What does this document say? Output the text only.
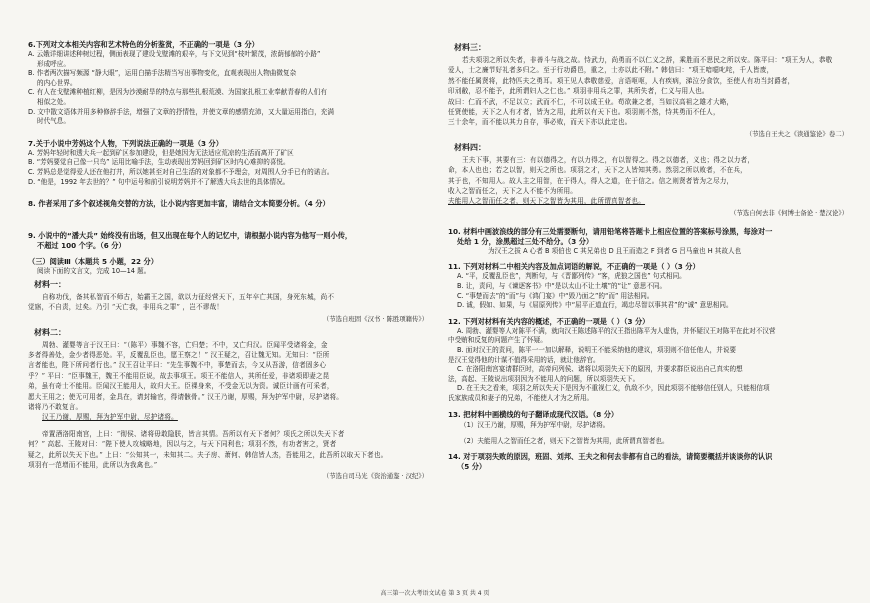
6.下列对文本相关内容和艺术特色的分析鉴赏，不正确的一项是（3 分）

A. 云娥详细讲述种树过程，侧面表现了建设戈壁滩的艰辛，与下文见到“枝叶繁茂，浓荫郁郁的小路”

形成呼应。

B. 作者两次描写频源 “静大眼”，运用白描手法精当写出事物变化，直观表现出人物曲微复杂

的内心世界。

C. 有人在戈壁滩种植红柳，是因为沙漠耐旱的特点与那些扎根荒漠、为国家扎根工业奉献青春的人们有

相似之处。

D. 文中散文语体并用多种修辞手法，增强了文章的抒情性，并使文章的感情充沛，又大量运用指白，充满

时代气息。

7.关于小说中芳妈这个人物，下列说法正确的一项是（3 分）

A. 芳妈年轻时和透大兵一起到矿区参加建设，但是她因为无法适应荒凉的生活而离开了矿区

B. “芳妈要觉自己像一只鸟” 运用比喻手法，生动表现出芳妈回到矿区时内心难抑的喜悦。

C. 芳妈总是觉得爱人还在他打井，所以她甚至对自己生活的对象都不予理会，对周围人分手已有的诺言。

D. “他是，1992 年去世的？” 句中运号和前引说明芳妈并不了解透大兵去世的具体情况。

8. 作者采用了多个叙述视角交替的方法，让小说内容更加丰富，请结合文本简要分析。（4 分）

9. 小说中的“潘大兵” 始终没有出场，但又出现在每个人的记忆中，请根据小说内容为他写一则小传，

不超过 100 个字。（6 分）

（三）阅读Ⅲ（本题共 5 小题，22 分）

阅读下面的文言文，完成 10—14 题。

材料一：

自称功伐，备其私智而不师古，始霸王之国，欲以力征经营天下，五年卒亡其国，身死东城，尚不

觉寤，不自责，过矣。乃引 “天亡我，非用兵之罪” ，岂不谬哉！

（节选自班固《汉书 · 陈胜项籍传》）

材料二：

周勃、灌婴等言于汉王曰：“（陈平）事魏不容，亡归楚；不中，又亡归汉。臣闻平受诸将金，金

多者得善处，金少者得恶处。平，反覆乱臣也，愿王察之！” 汉王疑之，召让魏无知。无知曰：“臣所

言者能也，陛下所问者行也。” 汉王召让平曰：“先生事魏不中，事楚而去，今又从吾游，信者固多心

乎？” 平曰：“臣事魏王，魏王不能用臣说，故去事项王。项王不能信人，其所任爱，非诸项即妻之昆

弟，虽有奇士不能用。臣闻汉王能用人，故归大王。臣裸身来，不受金无以为资。诚臣计画有可采者，

愿大王用之；使无可用者，金具在，请封输官，得请骸骨。” 汉王乃谢，厚赐，拜为护军中尉，尽护诸将。

诸将乃不敢复言。

汉王乃谢，厚赐，拜为护军中尉，尽护诸将。

帝置酒洛阳南宫，上曰：“彻侯、诸将毋敢隐朕，皆言其情。吾所以有天下者何？项氏之所以失天下者

何？” 高起、王陵对曰：“陛下使人攻城略地，因以与之，与天下同利也；项羽不然，有功者害之，贤者

疑之，此所以失天下也。” 上曰：“公知其一，未知其二。夫子房、萧何、韩信皆人杰，吾能用之，此吾所以取天下者也。

项羽有一范增而不能用，此所以为我禽也。”

（节选自司马光《资治通鉴 · 汉纪》）

材料三：

若夫项羽之所以失者，非善斗与战之故。恃武力，尚勇而不以仁义之辞，乘胜而不思民之所以安。陈平曰：“项王为人，恭敬

爱人，士之廉节好礼者多归之。至于行功爵邑，重之，士亦以此不附。” 韩信曰：“项王喑噁叱咤，千人皆废，

然不能任属贤将，此特匹夫之勇耳。项王见人恭敬慈爱，言语呕呕，人有疾病，涕泣分食饮，至使人有功当封爵者，

印刓敝，忍不能予，此所谓妇人之仁也。” 项羽非用兵之罪，其所失者，仁义与用人也。

故曰：仁而不武，不足以立；武而不仁，不可以成王业。苟欲兼之者，当如汉高祖之雄才大略，

任贤使能，天下之人有才者，皆为之用，此所以有天下也。项羽则不然，恃其勇而不任人，

三十余年，而不能以其力自存，事必败，而天下亦以此定也。

（节选自王夫之《读通鉴论》卷二）

材料四：

王夫下事，其要有三：有以德得之，有以力得之，有以智得之。得之以德者，义也；得之以力者，

命，本人也也；若之以智，则天之所也。项羽之才，天下之人皆知其勇。然羽之所以败者，不在兵，

其于也，不知用人。故人主之用智，在于得人，得人之道，在于信之。信之则贤者皆为之尽力，

收入之智而任之，天下之人不能不为所用。

夫能用人之智而任之者，则天下之智皆为其用，此所谓真智者也。

（节选自何去非《何博士备论 · 楚汉论》）

10. 材料中画波浪线的部分有三处需要断句，请用铅笔将答题卡上相应位置的答案标号涂黑，每涂对一

处给 1 分，涂黑超过三处不给分。（3 分）

为汉王之拔 A 心者 B 项伯也 C 其兄弟也 D 且王而造之 F 到者 G 吕马童也 H 其故人也

11. 下列对材料二中相关内容及加点词语的解说，不正确的一项是（ ）（3 分）

A. “平，反覆乱臣也”，判断句，与《晋鄙列传》“客，虎狼之国也” 句式相同。

B. 让，责问，与《谏逐客书》中“是以太山不让土壤”的“让” 意思不同。

C. “事楚而去”的“而”与《鸿门宴》中“毁乃面之”的“而” 用法相同。

D. 诚，假如、如果，与《屈原列传》中“屈平正道直行，竭忠尽智以事其君”的“诚” 意思相同。

12. 下列对材料有关内容的概述，不正确的一项是（ ）（3 分）

A. 周勃、灌婴等人对陈平不满，就向汉王陈述陈平的汉王指出陈平为人虚伪，并怀疑汉王对陈平在此对不汉营

中受贿和反复的问题产生了怀疑。

B. 面对汉王的责问，陈平一一加以解释，说明王不能采纳他的建议，项羽则不信任他人，并说要

是汉王觉得他的计谋不值得采用的话，就让他辞官。

C. 在洛阳南宫宴请群臣时，高帝问列侯、诸将以项羽失天下的原因，并要求群臣说出自己真实的想

法，高起、王陵说出项羽因为不能用人的问题，所以项羽失天下。

D. 在王夫之看来，项羽之所以失天下是因为不重视仁义，仇敌不少，因此项羽不能够信任别人，只能相信项

氏家族成员和妻子的兄弟，不能使人才为之所用。

13. 把材料中画横线的句子翻译成现代汉语。（8 分）

（1）汉王乃谢，厚赐，拜为护军中尉，尽护诸将。

（2）夫能用人之智而任之者，则天下之智皆为其用，此所谓真智者也。

14. 对于项羽失败的原因，班固、刘邦、王夫之和何去非都有自己的看法，请简要概括并谈谈你的认识

（5 分）

高三第一次大考语文试卷 第 3 页 共 4 页
